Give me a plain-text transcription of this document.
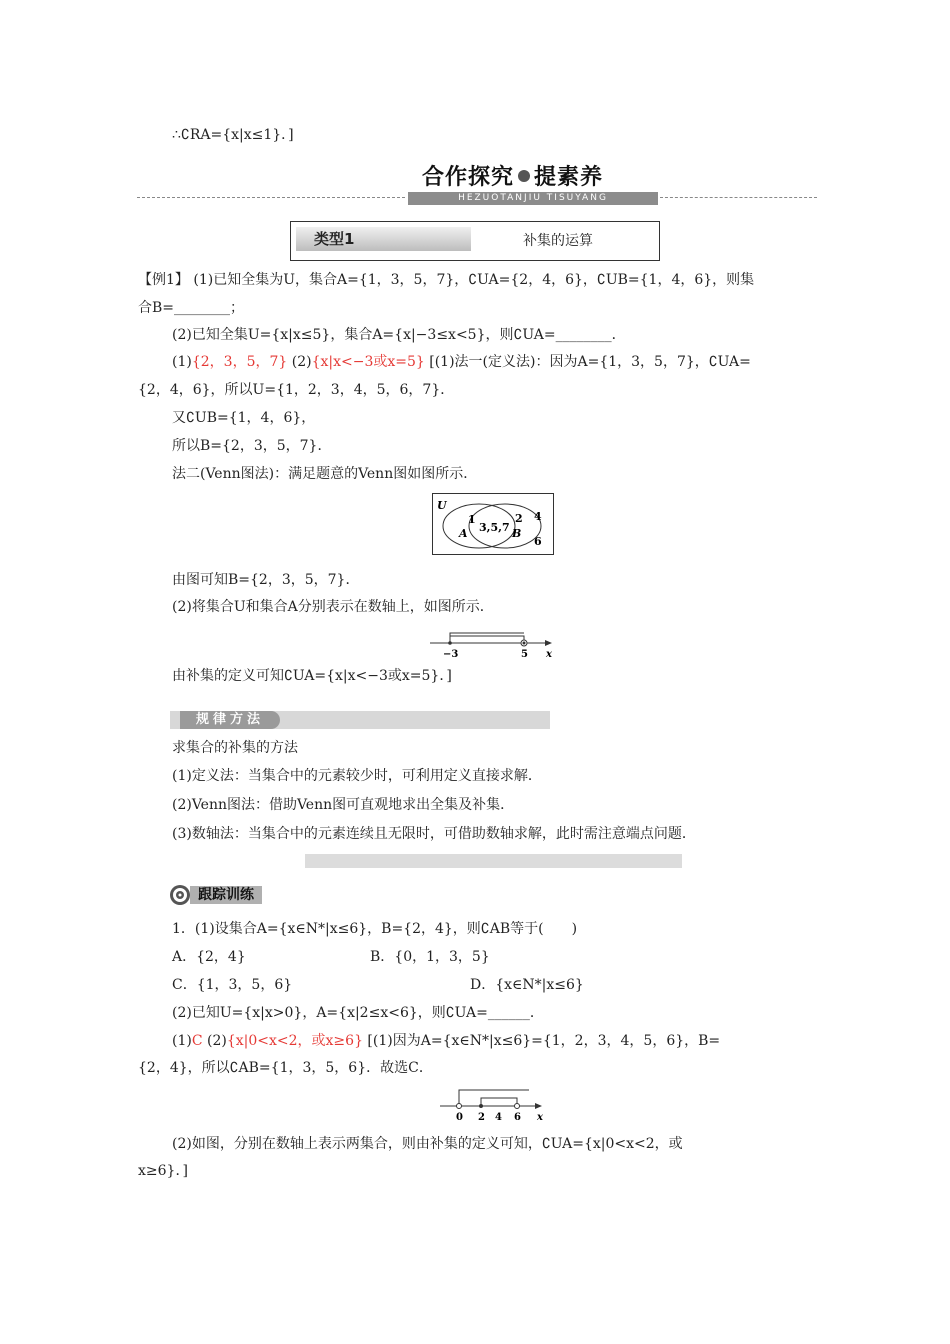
∴∁RA={x|x≤1}．]
合作探究 提素养
HEZUOTANJIU TISUYANG
类型1	补集的运算
【例1】 (1)已知全集为U，集合A={1，3，5，7}，∁UA={2，4，6}，∁UB={1，4，6}，则集
合B=________；
(2)已知全集U={x|x≤5}，集合A={x|−3≤x<5}，则∁UA=________．
(1){2，3，5，7} (2){x|x<−3或x=5} [(1)法一(定义法)：因为A={1，3，5，7}，∁UA=
{2，4，6}，所以U={1，2，3，4，5，6，7}．
又∁UB={1，4，6}，
所以B={2，3，5，7}．
法二(Venn图法)：满足题意的Venn图如图所示．
U
A	B
1
3,5,7
2 4
6
由图可知B={2，3，5，7}．
(2)将集合U和集合A分别表示在数轴上，如图所示．
−3	5 x
由补集的定义可知∁UA={x|x<−3或x=5}．]
规律方法
求集合的补集的方法
(1)定义法：当集合中的元素较少时，可利用定义直接求解．
(2)Venn图法：借助Venn图可直观地求出全集及补集．
(3)数轴法：当集合中的元素连续且无限时，可借助数轴求解，此时需注意端点问题．
跟踪训练
1．(1)设集合A={x∈N*|x≤6}，B={2，4}，则∁AB等于(　　)
A．{2，4}	B．{0，1，3，5}
C．{1，3，5，6}	D．{x∈N*|x≤6}
(2)已知U={x|x>0}，A={x|2≤x<6}，则∁UA=______．
(1)C (2){x|0<x<2，或x≥6} [(1)因为A={x∈N*|x≤6}={1，2，3，4，5，6}，B=
{2，4}，所以∁AB={1，3，5，6}．故选C．
0 2 4 6 x
(2)如图，分别在数轴上表示两集合，则由补集的定义可知，∁UA={x|0<x<2，或
x≥6}．]
